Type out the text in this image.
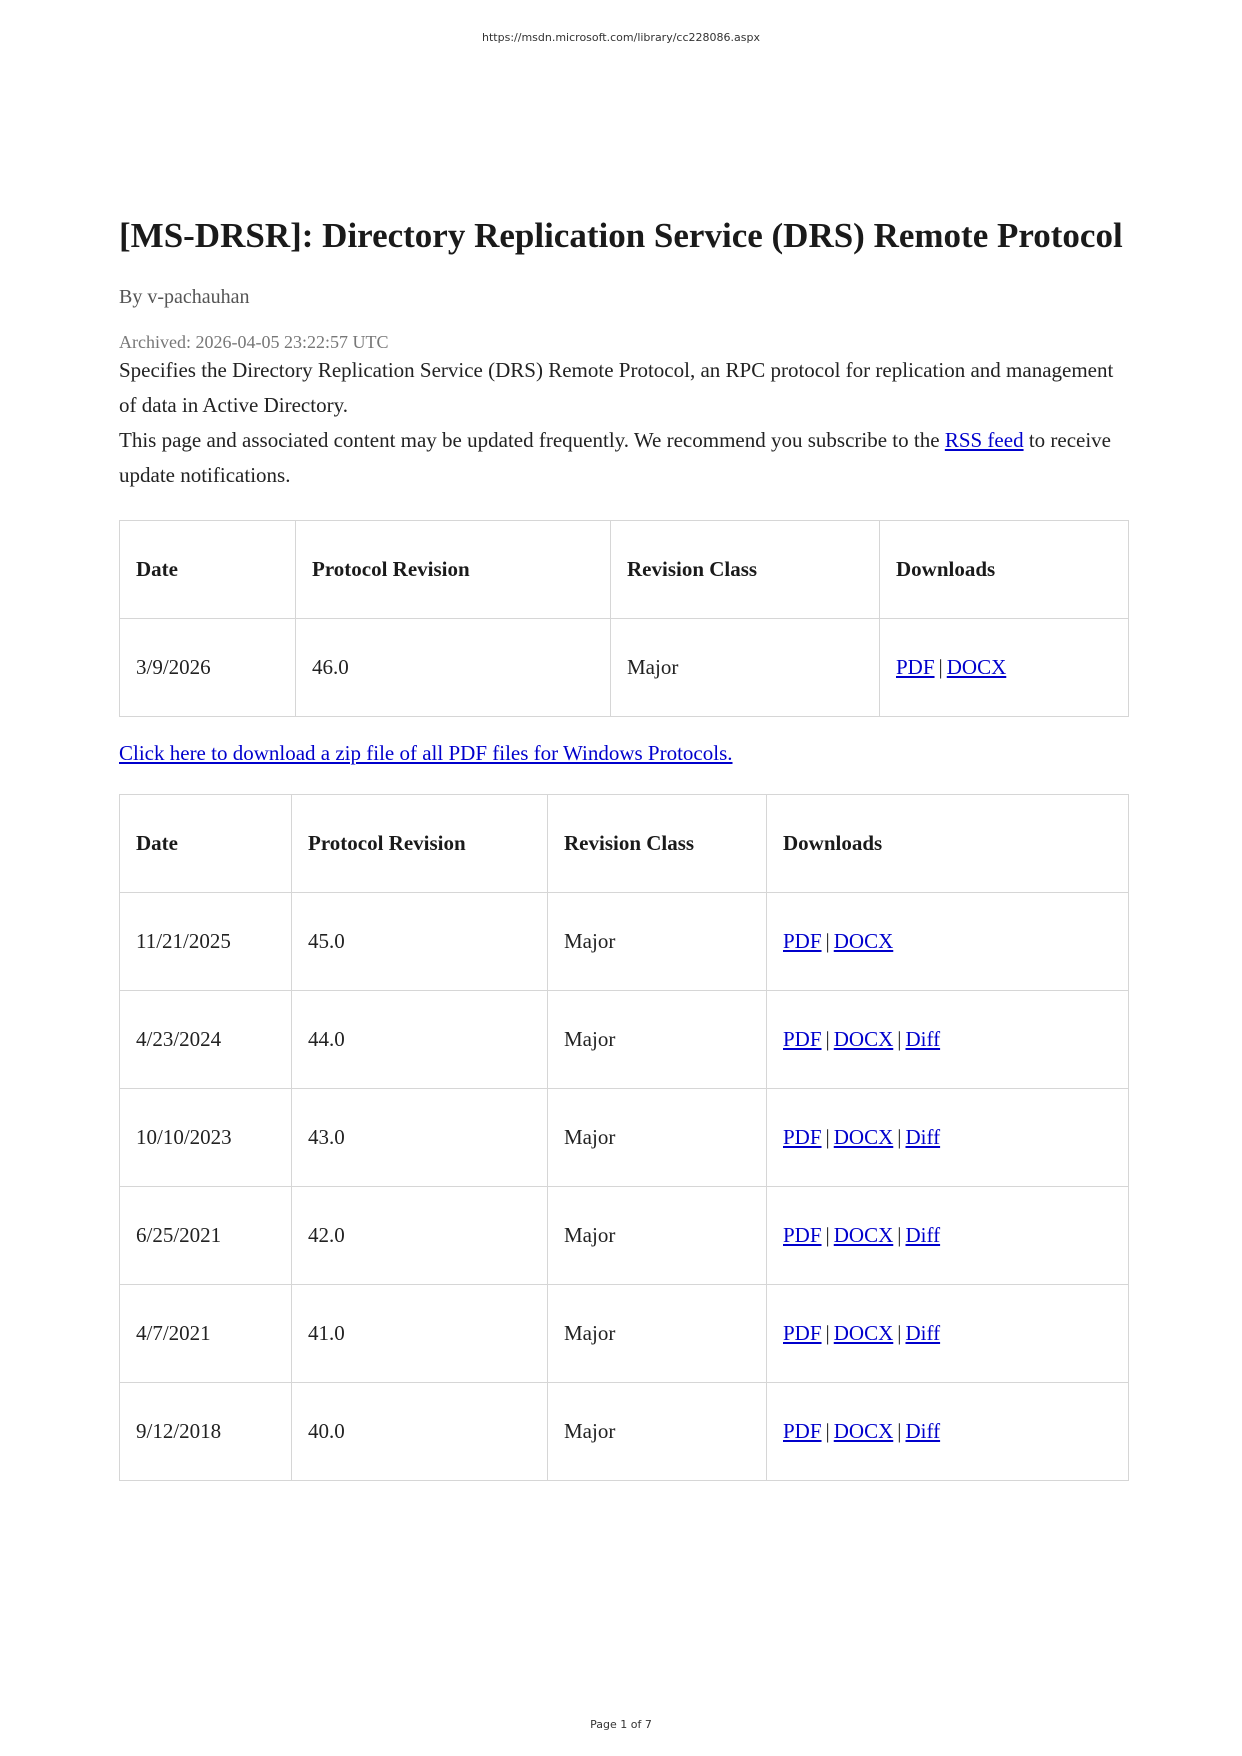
https://msdn.microsoft.com/library/cc228086.aspx
[MS-DRSR]: Directory Replication Service (DRS) Remote Protocol
By v-pachauhan
Archived: 2026-04-05 23:22:57 UTC

Specifies the Directory Replication Service (DRS) Remote Protocol, an RPC protocol for replication and management of data in Active Directory.

This page and associated content may be updated frequently. We recommend you subscribe to the RSS feed to receive update notifications.

Date	Protocol Revision	Revision Class	Downloads
3/9/2026	46.0	Major	PDF | DOCX
Click here to download a zip file of all PDF files for Windows Protocols.
Date	Protocol Revision	Revision Class	Downloads
11/21/2025	45.0	Major	PDF | DOCX
4/23/2024	44.0	Major	PDF | DOCX | Diff
10/10/2023	43.0	Major	PDF | DOCX | Diff
6/25/2021	42.0	Major	PDF | DOCX | Diff
4/7/2021	41.0	Major	PDF | DOCX | Diff
9/12/2018	40.0	Major	PDF | DOCX | Diff
Page 1 of 7
